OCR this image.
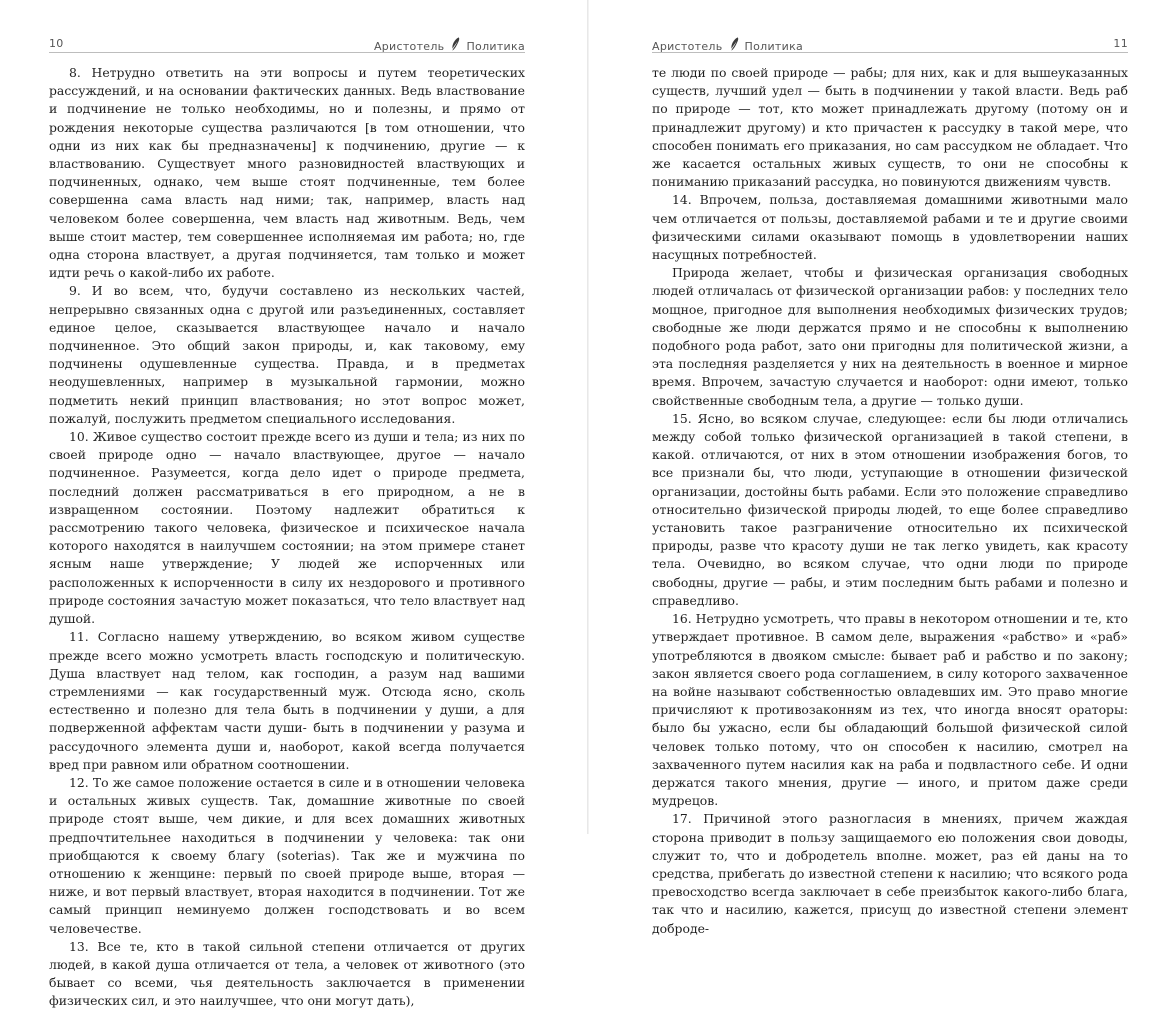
10	Аристотель Политика

8. Нетрудно ответить на эти вопросы и путем теоретических рассуждений, и на основании фактических данных. Ведь властвование и подчинение не только необходимы, но и полезны, и прямо от рождения некоторые существа различаются [в том отношении, что одни из них как бы предназначены] к подчинению, другие — к властвованию. Существует много разновидностей властвующих и подчиненных, однако, чем выше стоят подчиненные, тем более совершенна сама власть над ними; так, например, власть над человеком более совершенна, чем власть над животным. Ведь, чем выше стоит мастер, тем совершеннее исполняемая им работа; но, где одна сторона властвует, а другая подчиняется, там только и может идти речь о какой-либо их работе.

9. И во всем, что, будучи составлено из нескольких частей, непрерывно связанных одна с другой или разъединенных, составляет единое целое, сказывается властвующее начало и начало подчиненное. Это общий закон природы, и, как таковому, ему подчинены одушевленные существа. Правда, и в предметах неодушевленных, например в музыкальной гармонии, можно подметить некий принцип властвования; но этот вопрос может, пожалуй, послужить предметом специального исследования.

10. Живое существо состоит прежде всего из души и тела; из них по своей природе одно — начало властвующее, другое — начало подчиненное. Разумеется, когда дело идет о природе предмета, последний должен рассматриваться в его природном, а не в извращенном состоянии. Поэтому надлежит обратиться к рассмотрению такого человека, физическое и психическое начала которого находятся в наилучшем состоянии; на этом примере станет ясным наше утверждение; У людей же испорченных или расположенных к испорченности в силу их нездорового и противного природе состояния зачастую может показаться, что тело властвует над душой.

11. Согласно нашему утверждению, во всяком живом существе прежде всего можно усмотреть власть господскую и политическую. Душа властвует над телом, как господин, а разум над вашими стремлениями — как государственный муж. Отсюда ясно, сколь естественно и полезно для тела быть в подчинении у души, а для подверженной аффектам части души- быть в подчинении у разума и рассудочного элемента души и, наоборот, какой всегда получается вред при равном или обратном соотношении.

12. То же самое положение остается в силе и в отношении человека и остальных живых существ. Так, домашние животные по своей природе стоят выше, чем дикие, и для всех домашних животных предпочтительнее находиться в подчинении у человека: так они приобщаются к своему благу (soterias). Так же и мужчина по отношению к женщине: первый по своей природе выше, вторая — ниже, и вот первый властвует, вторая находится в подчинении. Тот же самый принцип неминуемо должен господствовать и во всем человечестве.

13. Все те, кто в такой сильной степени отличается от других людей, в какой душа отличается от тела, а человек от животного (это бывает со всеми, чья деятельность заключается в применении физических сил, и это наилучшее, что они могут дать),

Аристотель Политика	11

те люди по своей природе — рабы; для них, как и для вышеуказанных существ, лучший удел — быть в подчинении у такой власти. Ведь раб по природе — тот, кто может принадлежать другому (потому он и принадлежит другому) и кто причастен к рассудку в такой мере, что способен понимать его приказания, но сам рассудком не обладает. Что же касается остальных живых существ, то они не способны к пониманию приказаний рассудка, но повинуются движениям чувств.

14. Впрочем, польза, доставляемая домашними животными мало чем отличается от пользы, доставляемой рабами и те и другие своими физическими силами оказывают помощь в удовлетворении наших насущных потребностей.

Природа желает, чтобы и физическая организация свободных людей отличалась от физической организации рабов: у последних тело мощное, пригодное для выполнения необходимых физических трудов; свободные же люди держатся прямо и не способны к выполнению подобного рода работ, зато они пригодны для политической жизни, а эта последняя разделяется у них на деятельность в военное и мирное время. Впрочем, зачастую случается и наоборот: одни имеют, только свойственные свободным тела, а другие — только души.

15. Ясно, во всяком случае, следующее: если бы люди отличались между собой только физической организацией в такой степени, в какой. отличаются, от них в этом отношении изображения богов, то все признали бы, что люди, уступающие в отношении физической организации, достойны быть рабами. Если это положение справедливо относительно физической природы людей, то еще более справедливо установить такое разграничение относительно их психической природы, разве что красоту души не так легко увидеть, как красоту тела. Очевидно, во всяком случае, что одни люди по природе свободны, другие — рабы, и этим последним быть рабами и полезно и справедливо.

16. Нетрудно усмотреть, что правы в некотором отношении и те, кто утверждает противное. В самом деле, выражения «рабство» и «раб» употребляются в двояком смысле: бывает раб и рабство и по закону; закон является своего рода соглашением, в силу которого захваченное на войне называют собственностью овладевших им. Это право многие причисляют к противозаконням из тех, что иногда вносят ораторы: было бы ужасно, если бы обладающий большой физической силой человек только потому, что он способен к насилию, смотрел на захваченного путем насилия как на раба и подвластного себе. И одни держатся такого мнения, другие — иного, и притом даже среди мудрецов.

17. Причиной этого разногласия в мнениях, причем жаждая сторона приводит в пользу защищаемого ею положения свои доводы, служит то, что и добродетель вполне. может, раз ей даны на то средства, прибегать до известной степени к насилию; что всякого рода превосходство всегда заключает в себе преизбыток какого-либо блага, так что и насилию, кажется, присущ до известной степени элемент доброде-
